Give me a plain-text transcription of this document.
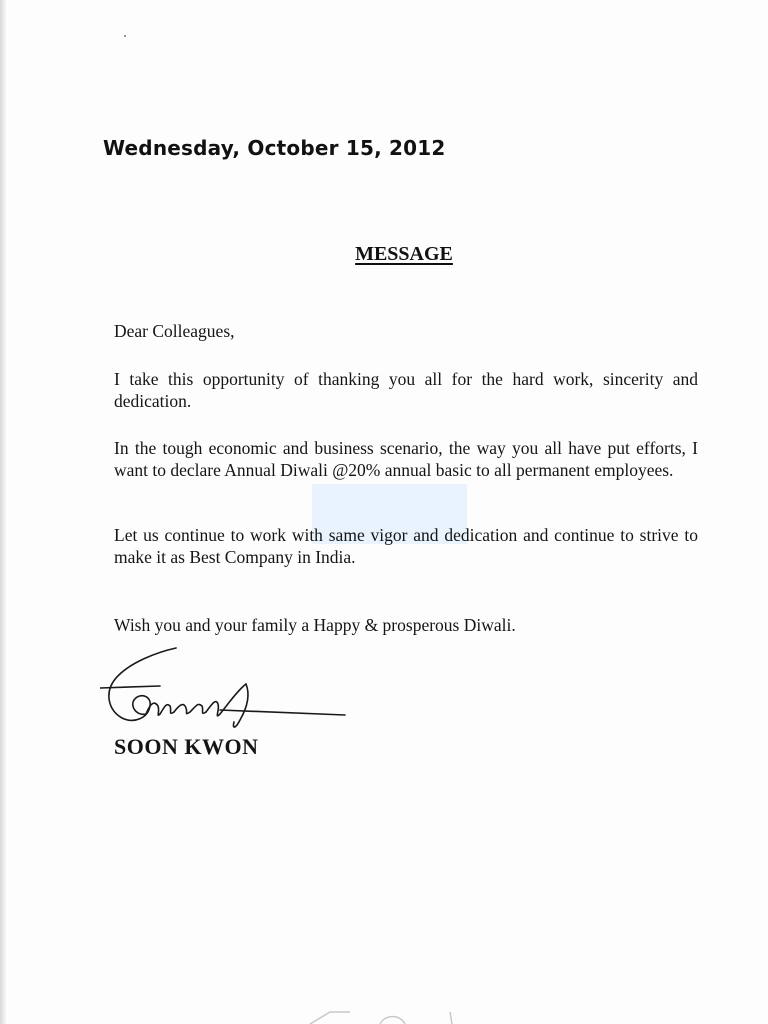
Wednesday, October 15, 2012
MESSAGE
Dear Colleagues,
I take this opportunity of thanking you all for the hard work, sincerity and dedication.
In the tough economic and business scenario, the way you all have put efforts, I want to declare Annual Diwali @20% annual basic to all permanent employees.
Let us continue to work with same vigor and dedication and continue to strive to make it as Best Company in India.
Wish you and your family a Happy & prosperous Diwali.
SOON KWON
